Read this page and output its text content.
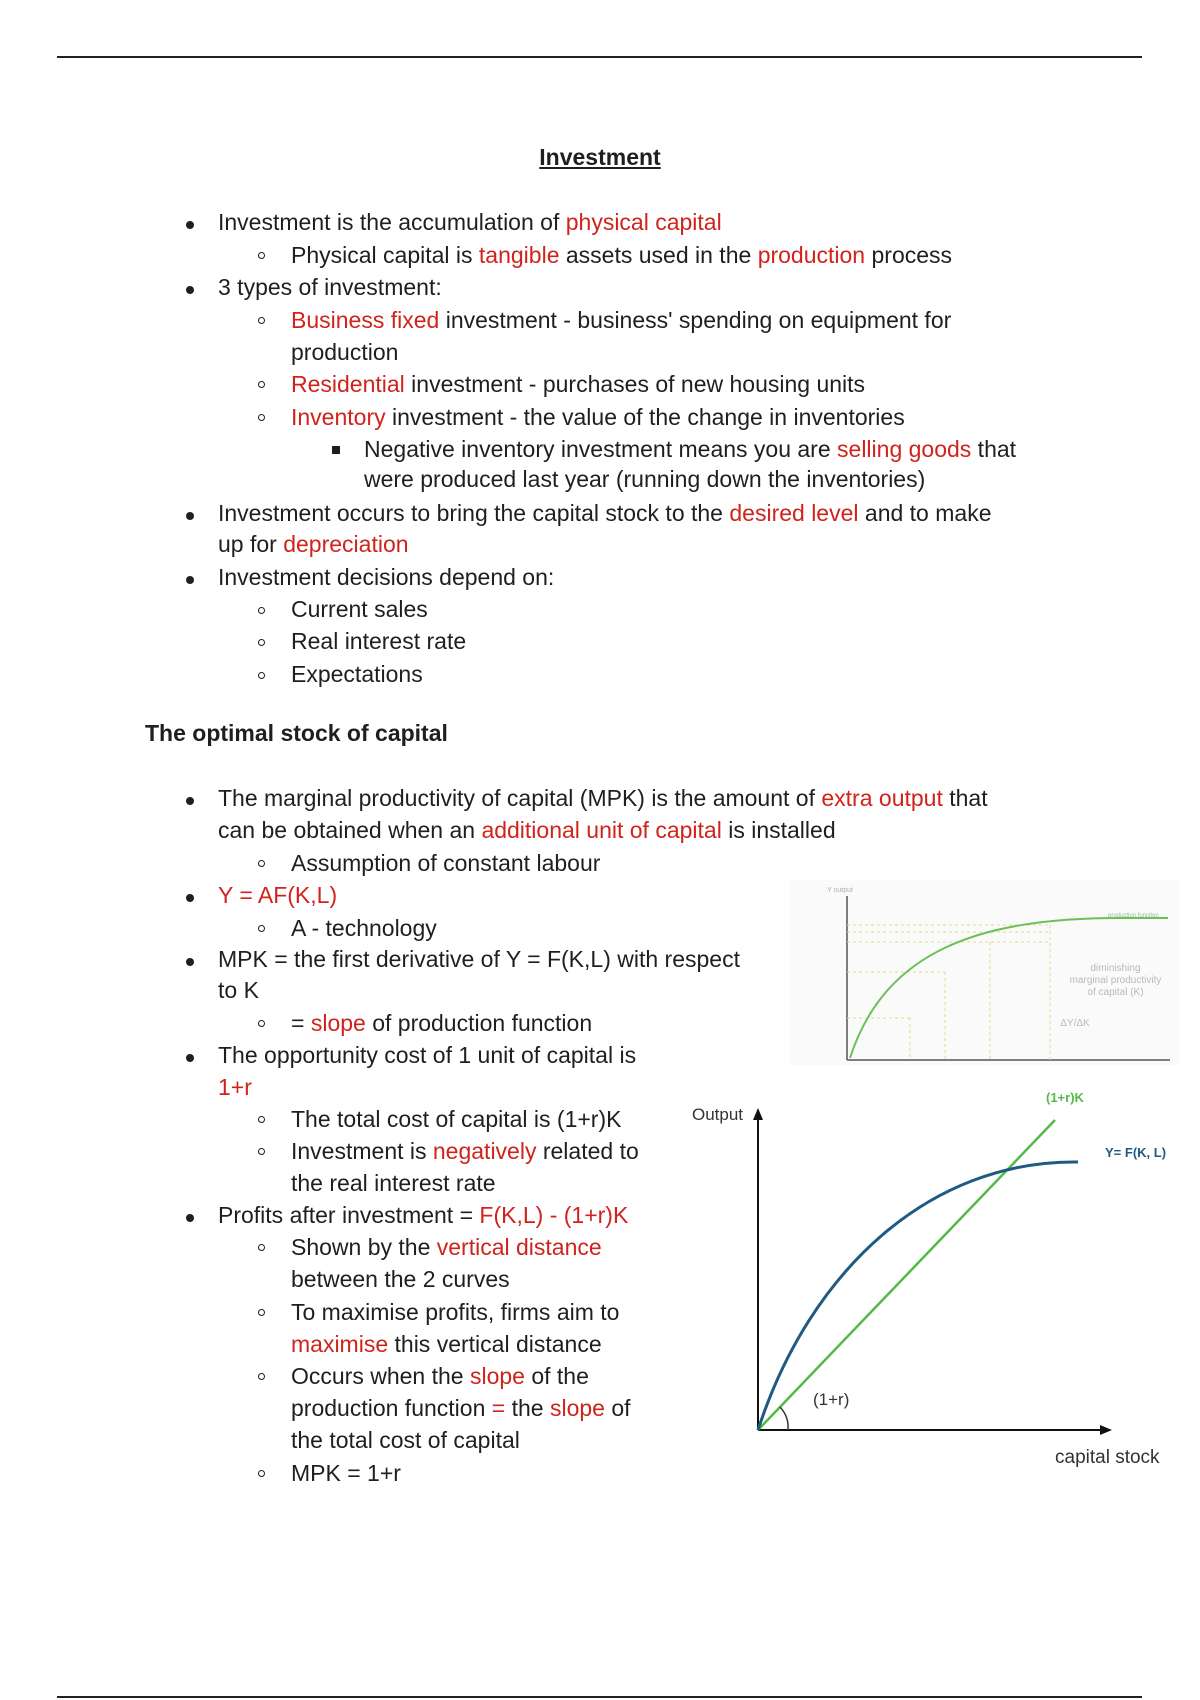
Investment
Investment is the accumulation of physical capital
Physical capital is tangible assets used in the production process
3 types of investment:
Business fixed investment - business' spending on equipment for
production
Residential investment - purchases of new housing units
Inventory investment - the value of the change in inventories
Negative inventory investment means you are selling goods that
were produced last year (running down the inventories)
Investment occurs to bring the capital stock to the desired level and to make
up for depreciation
Investment decisions depend on:
Current sales
Real interest rate
Expectations
The optimal stock of capital
The marginal productivity of capital (MPK) is the amount of extra output that
can be obtained when an additional unit of capital is installed
Assumption of constant labour
Y = AF(K,L)
A - technology
MPK = the first derivative of Y = F(K,L) with respect
to K
= slope of production function
The opportunity cost of 1 unit of capital is
1+r
The total cost of capital is (1+r)K
Investment is negatively related to
the real interest rate
Profits after investment = F(K,L) - (1+r)K
Shown by the vertical distance
between the 2 curves
To maximise profits, firms aim to
maximise this vertical distance
Occurs when the slope of the
production function = the slope of
the total cost of capital
MPK = 1+r
Y output
production function
diminishing
marginal productivity
of capital (K)
ΔY/ΔK
Output
(1+r)K
Y= F(K, L)
(1+r)
capital stock
